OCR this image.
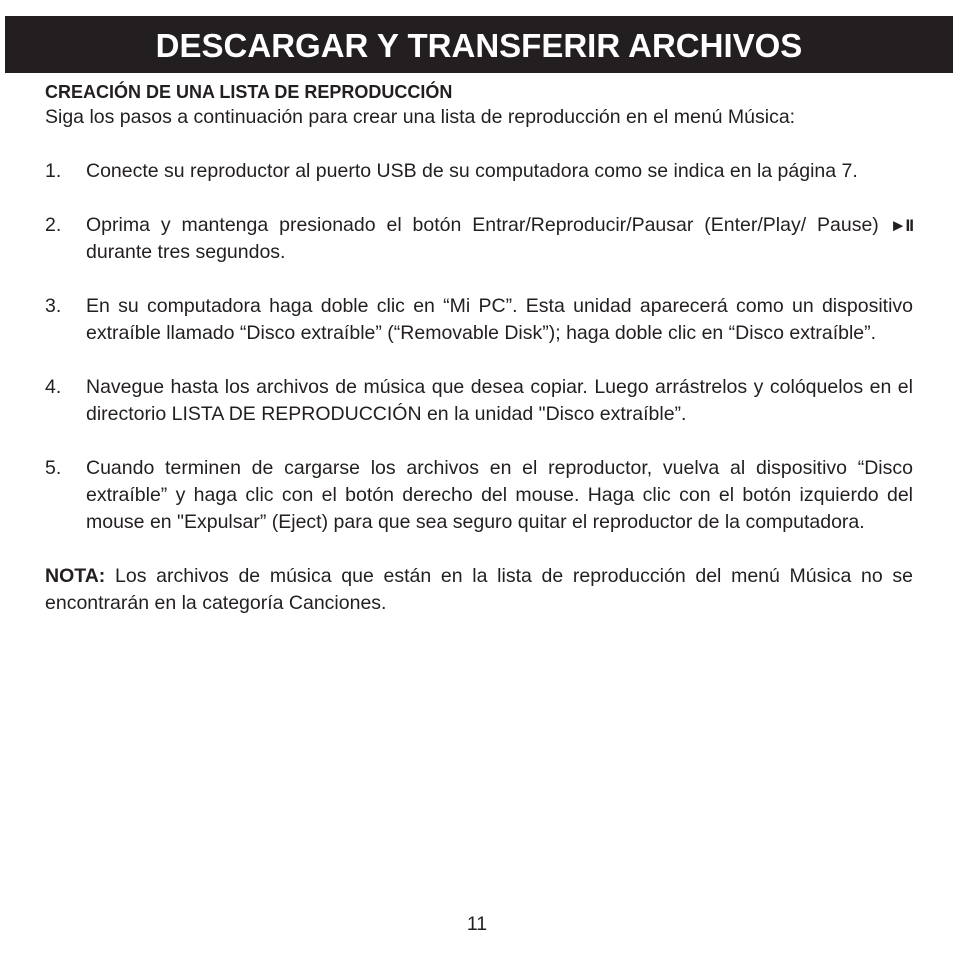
DESCARGAR Y TRANSFERIR ARCHIVOS

CREACIÓN DE UNA LISTA DE REPRODUCCIÓN

Siga los pasos a continuación para crear una lista de reproducción en el menú Música:

1.	Conecte su reproductor al puerto USB de su computadora como se indica en la página 7.
2.	Oprima y mantenga presionado el botón Entrar/Reproducir/Pausar (Enter/Play/ Pause) ►II durante tres segundos.
3.	En su computadora haga doble clic en “Mi PC”. Esta unidad aparecerá como un dispositivo extraíble llamado “Disco extraíble” (“Removable Disk”); haga doble clic en “Disco extraíble”.
4.	Navegue hasta los archivos de música que desea copiar. Luego arrástrelos y colóquelos en el directorio LISTA DE REPRODUCCIÓN en la unidad "Disco extraíble”.
5.	Cuando terminen de cargarse los archivos en el reproductor, vuelva al dispositivo “Disco extraíble” y haga clic con el botón derecho del mouse. Haga clic con el botón izquierdo del mouse en "Expulsar” (Eject) para que sea seguro quitar el reproductor de la computadora.

NOTA: Los archivos de música que están en la lista de reproducción del menú Música no se encontrarán en la categoría Canciones.

11
